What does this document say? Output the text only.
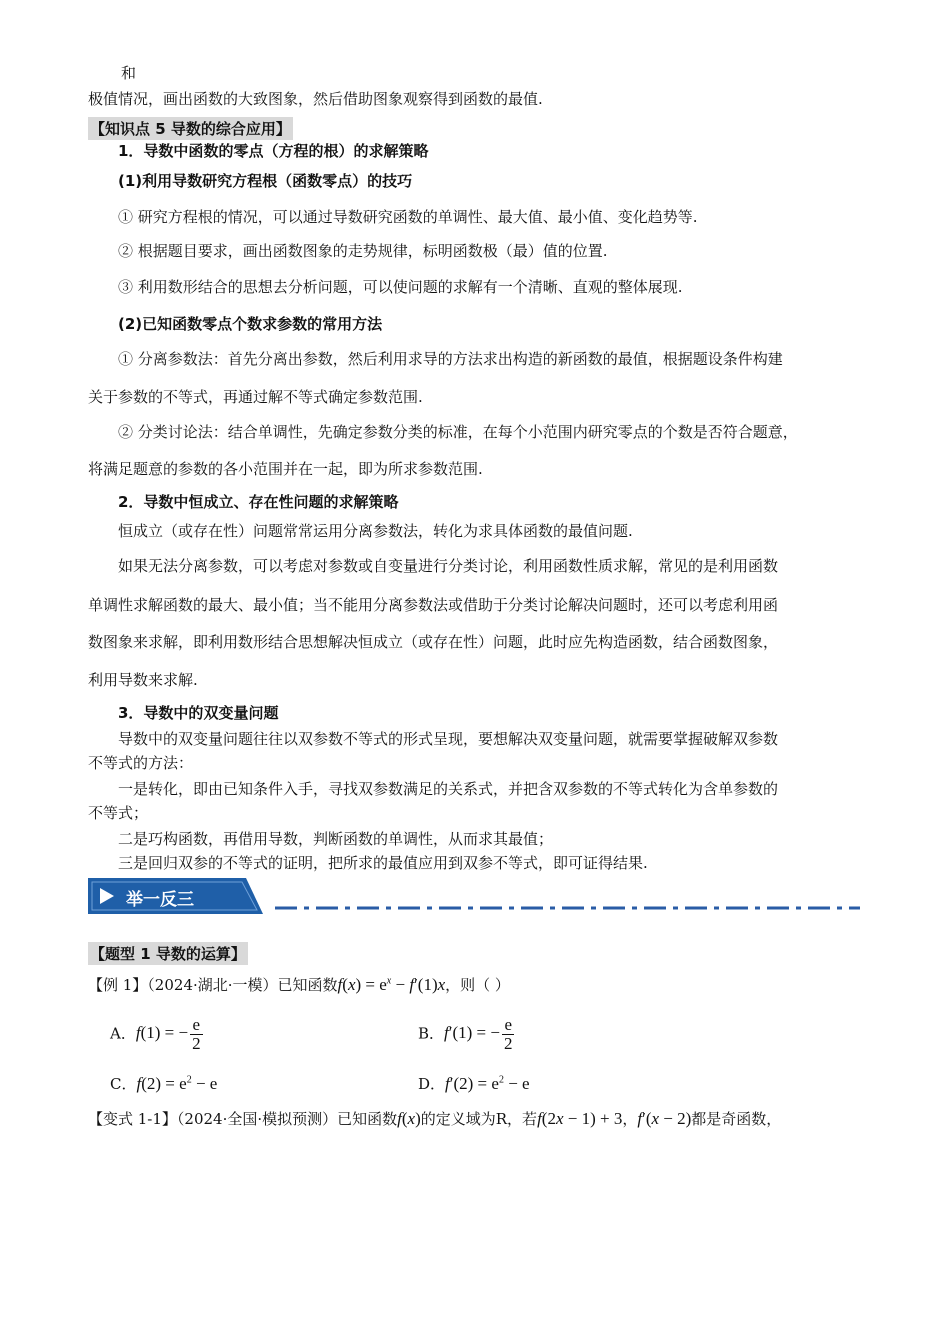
和
极值情况，画出函数的大致图象，然后借助图象观察得到函数的最值.
【知识点 5 导数的综合应用】
1．导数中函数的零点（方程的根）的求解策略
(1)利用导数研究方程根（函数零点）的技巧
① 研究方程根的情况，可以通过导数研究函数的单调性、最大值、最小值、变化趋势等.
② 根据题目要求，画出函数图象的走势规律，标明函数极（最）值的位置.
③ 利用数形结合的思想去分析问题，可以使问题的求解有一个清晰、直观的整体展现.
(2)已知函数零点个数求参数的常用方法
① 分离参数法：首先分离出参数，然后利用求导的方法求出构造的新函数的最值，根据题设条件构建
关于参数的不等式，再通过解不等式确定参数范围.
② 分类讨论法：结合单调性，先确定参数分类的标准，在每个小范围内研究零点的个数是否符合题意，
将满足题意的参数的各小范围并在一起，即为所求参数范围.
2．导数中恒成立、存在性问题的求解策略
恒成立（或存在性）问题常常运用分离参数法，转化为求具体函数的最值问题.
如果无法分离参数，可以考虑对参数或自变量进行分类讨论，利用函数性质求解，常见的是利用函数
单调性求解函数的最大、最小值；当不能用分离参数法或借助于分类讨论解决问题时，还可以考虑利用函
数图象来求解，即利用数形结合思想解决恒成立（或存在性）问题，此时应先构造函数，结合函数图象，
利用导数来求解.
3．导数中的双变量问题
导数中的双变量问题往往以双参数不等式的形式呈现，要想解决双变量问题，就需要掌握破解双参数
不等式的方法：
一是转化，即由已知条件入手，寻找双参数满足的关系式，并把含双参数的不等式转化为含单参数的
不等式；
二是巧构函数，再借用导数，判断函数的单调性，从而求其最值；
三是回归双参的不等式的证明，把所求的最值应用到双参不等式，即可证得结果.
举一反三
【题型 1 导数的运算】
【例 1】（2024·湖北·一模）已知函数$f(x) = e^x - f'(1)x$，则（ ）
A．f(1) = − $\frac{e}{2}$	B．f′(1) = − $\frac{e}{2}$
C．$f(2) = e^2 - e$	D．$f'(2) = e^2 - e$
【变式 1-1】（2024·全国·模拟预测）已知函数f(x)的定义域为R，若f(2x − 1) + 3，f′(x − 2)都是奇函数，
